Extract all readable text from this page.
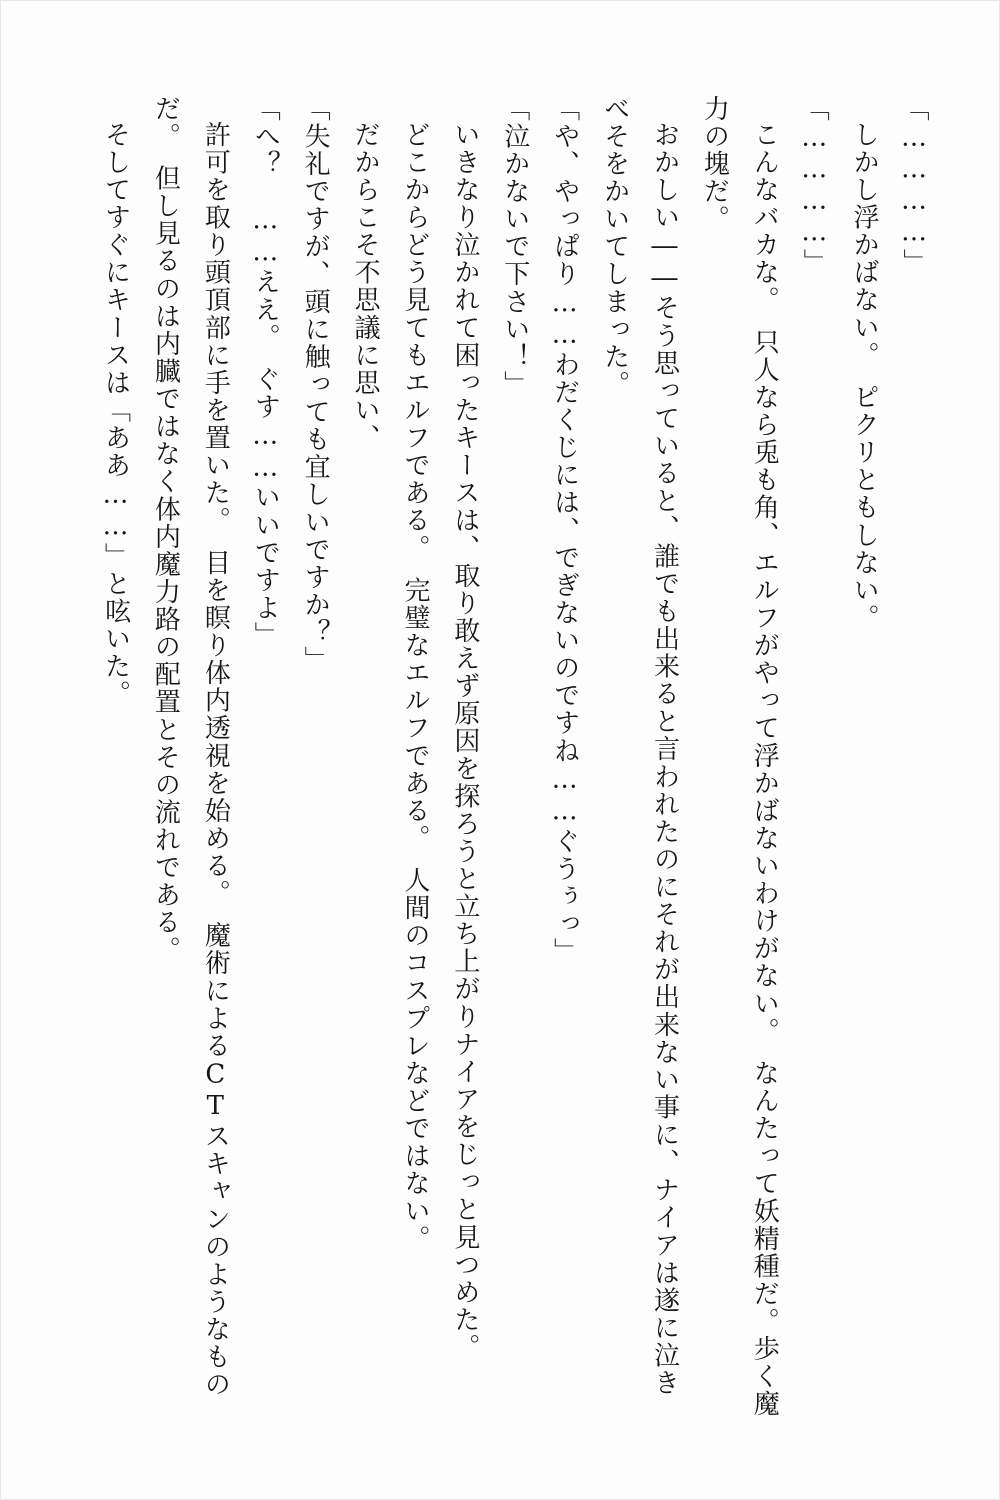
「…………」

しかし浮かばない。　ピクリともしない。

「…………」

こんなバカな。　只人なら兎も角、エルフがやって浮かばないわけがない。　なんたって妖精種だ。歩く魔力の塊だ。

おかしい――そう思っていると、誰でも出来ると言われたのにそれが出来ない事に、ナイアは遂に泣きべそをかいてしまった。

「や、やっぱり……わだくじには、でぎないのですね……ぐうぅっ」

「泣かないで下さい！」

いきなり泣かれて困ったキースは、取り敢えず原因を探ろうと立ち上がりナイアをじっと見つめた。

どこからどう見てもエルフである。　完璧なエルフである。　人間のコスプレなどではない。

だからこそ不思議に思い、

「失礼ですが、頭に触っても宜しいですか？」

「へ？　……ええ。　ぐす……いいですよ」

許可を取り頭頂部に手を置いた。　目を瞑り体内透視を始める。　魔術によるCTスキャンのようなものだ。　但し見るのは内臓ではなく体内魔力路の配置とその流れである。

そしてすぐにキースは「ああ……」と呟いた。
